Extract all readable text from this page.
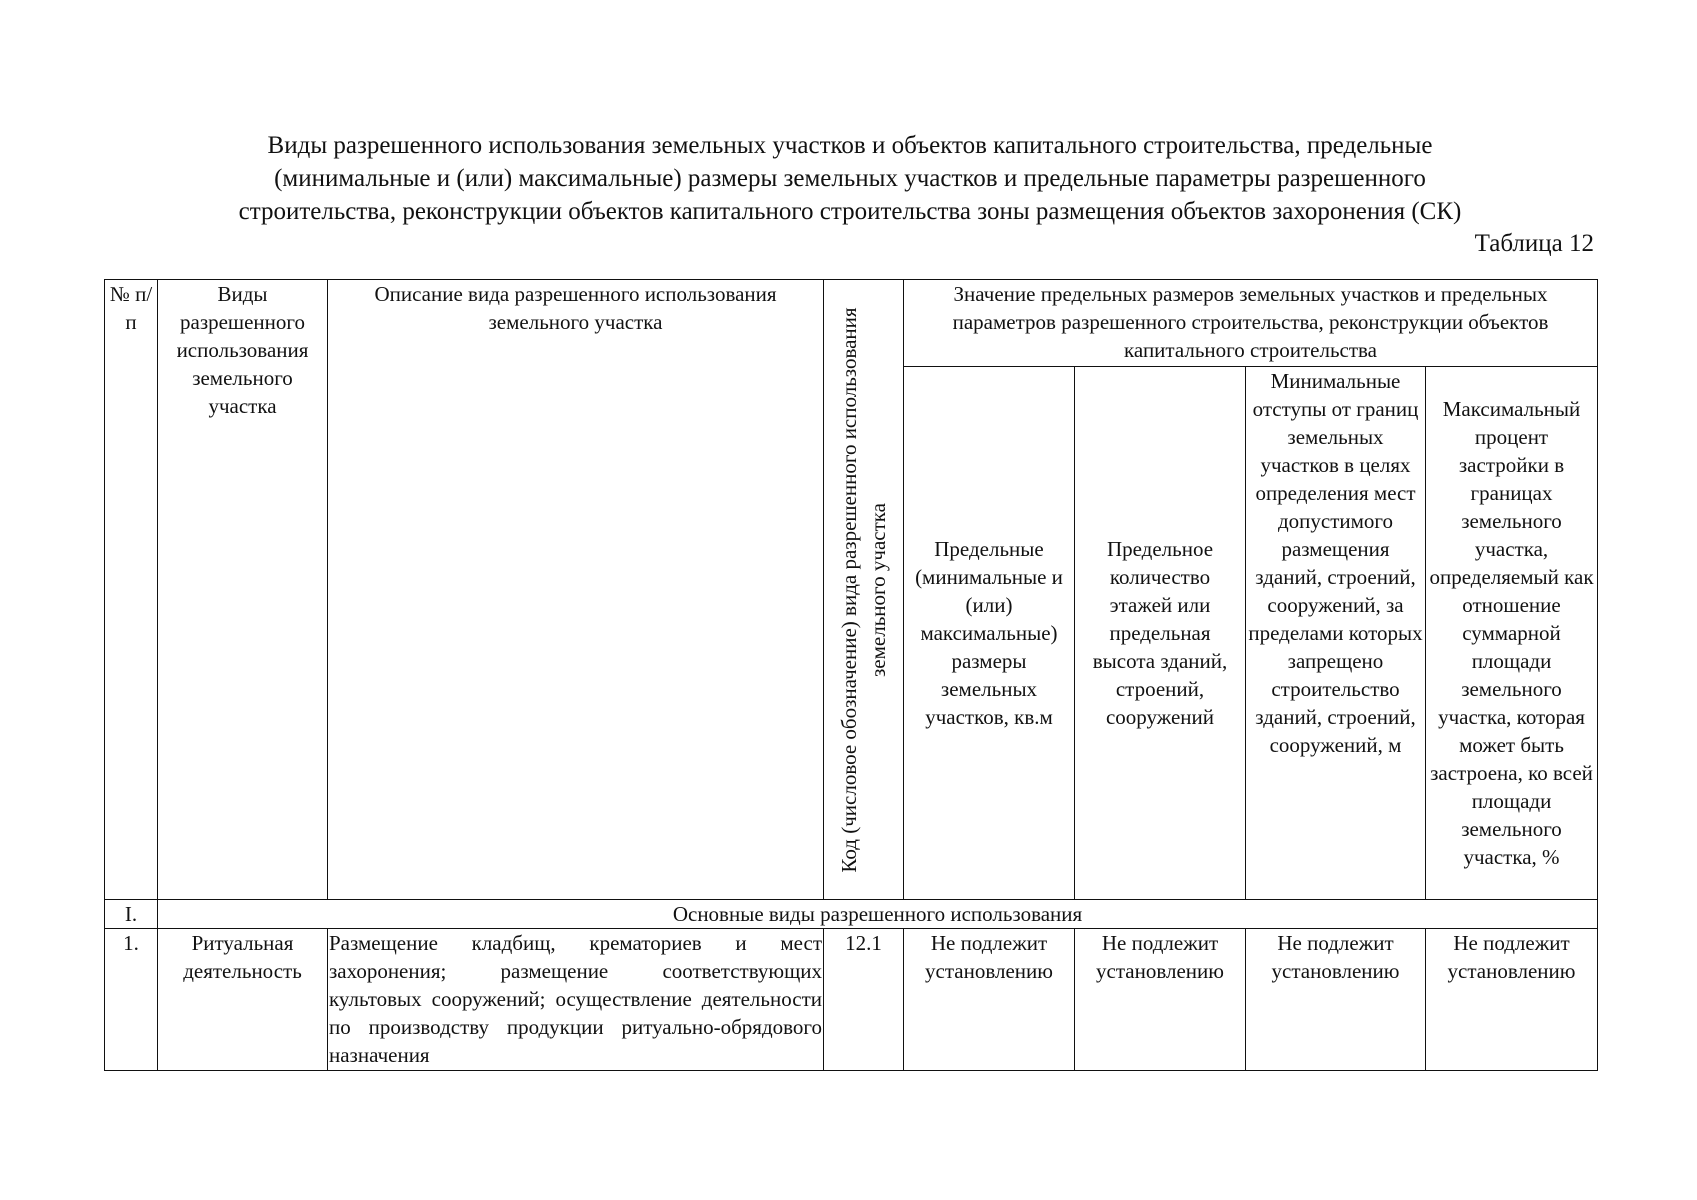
Виды разрешенного использования земельных участков и объектов капитального строительства, предельные
(минимальные и (или) максимальные) размеры земельных участков и предельные параметры разрешенного
строительства, реконструкции объектов капитального строительства зоны размещения объектов захоронения (СК)
Таблица 12
№ п/п	Виды разрешенного использования земельного участка	Описание вида разрешенного использования земельного участка	Код (числовое обозначение) вида разрешенного использования земельного участка	Значение предельных размеров земельных участков и предельных параметров разрешенного строительства, реконструкции объектов капитального строительства			
				Предельные (минимальные и (или) максимальные) размеры земельных участков, кв.м	Предельное количество этажей или предельная высота зданий, строений, сооружений	Минимальные отступы от границ земельных участков в целях определения мест допустимого размещения зданий, строений, сооружений, за пределами которых запрещено строительство зданий, строений, сооружений, м	Максимальный процент застройки в границах земельного участка, определяемый как отношение суммарной площади земельного участка, которая может быть застроена, ко всей площади земельного участка, %
I.	Основные виды разрешенного использования						
1.	Ритуальная деятельность	Размещение кладбищ, крематориев и мест захоронения; размещение соответствующих культовых сооружений; осуществление деятельности по производству продукции ритуально-обрядового назначения	12.1	Не подлежит установлению	Не подлежит установлению	Не подлежит установлению	Не подлежит установлению
